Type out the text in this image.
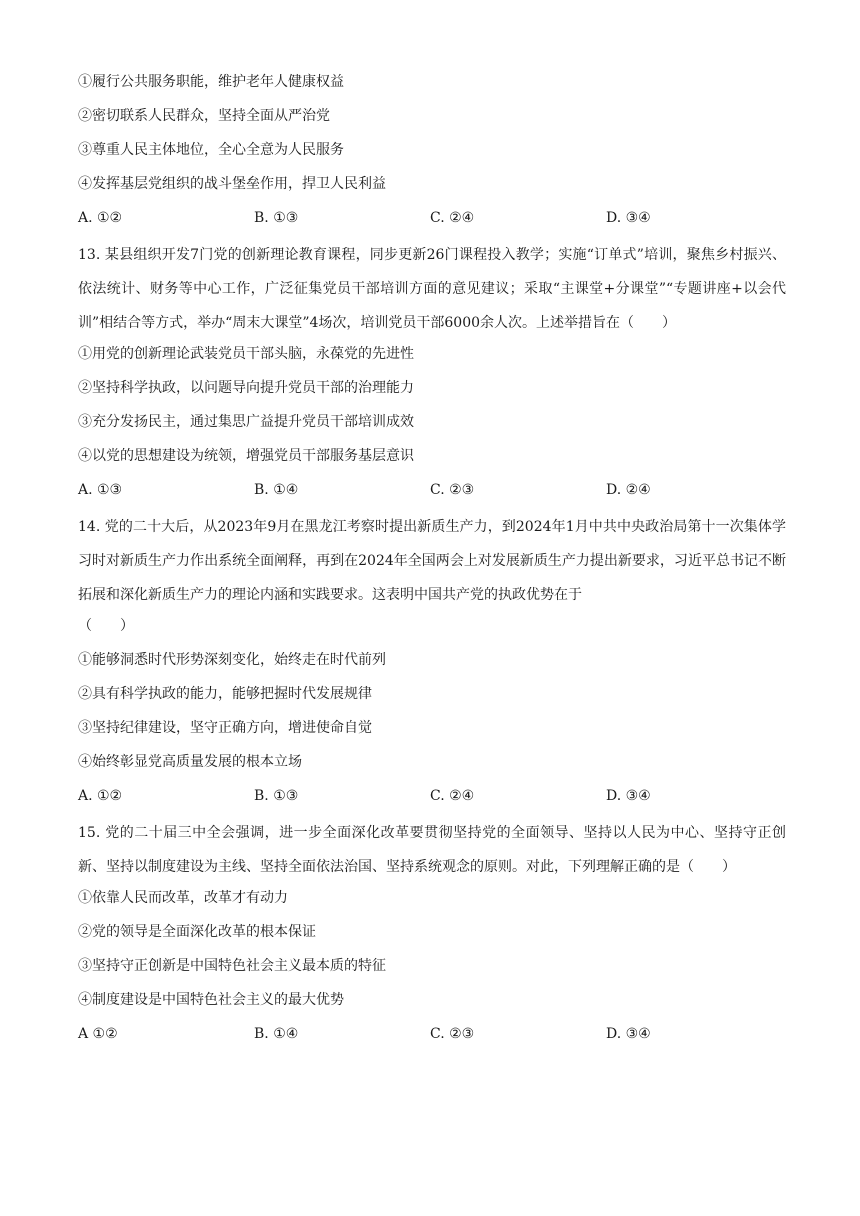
①履行公共服务职能，维护老年人健康权益
②密切联系人民群众，坚持全面从严治党
③尊重人民主体地位，全心全意为人民服务
④发挥基层党组织的战斗堡垒作用，捍卫人民利益
A. ①②	B. ①③	C. ②④	D. ③④
13. 某县组织开发7门党的创新理论教育课程，同步更新26门课程投入教学；实施“订单式”培训，聚焦乡村振兴、依法统计、财务等中心工作，广泛征集党员干部培训方面的意见建议；采取“主课堂+分课堂”“专题讲座+以会代训”相结合等方式，举办“周末大课堂”4场次，培训党员干部6000余人次。上述举措旨在（　　）
①用党的创新理论武装党员干部头脑，永葆党的先进性
②坚持科学执政，以问题导向提升党员干部的治理能力
③充分发扬民主，通过集思广益提升党员干部培训成效
④以党的思想建设为统领，增强党员干部服务基层意识
A. ①③	B. ①④	C. ②③	D. ②④
14. 党的二十大后，从2023年9月在黑龙江考察时提出新质生产力，到2024年1月中共中央政治局第十一次集体学习时对新质生产力作出系统全面阐释，再到在2024年全国两会上对发展新质生产力提出新要求，习近平总书记不断拓展和深化新质生产力的理论内涵和实践要求。这表明中国共产党的执政优势在于
（　　）
①能够洞悉时代形势深刻变化，始终走在时代前列
②具有科学执政的能力，能够把握时代发展规律
③坚持纪律建设，坚守正确方向，增进使命自觉
④始终彰显党高质量发展的根本立场
A. ①②	B. ①③	C. ②④	D. ③④
15. 党的二十届三中全会强调，进一步全面深化改革要贯彻坚持党的全面领导、坚持以人民为中心、坚持守正创新、坚持以制度建设为主线、坚持全面依法治国、坚持系统观念的原则。对此，下列理解正确的是（　　）
①依靠人民而改革，改革才有动力
②党的领导是全面深化改革的根本保证
③坚持守正创新是中国特色社会主义最本质的特征
④制度建设是中国特色社会主义的最大优势
A ①②	B. ①④	C. ②③	D. ③④
